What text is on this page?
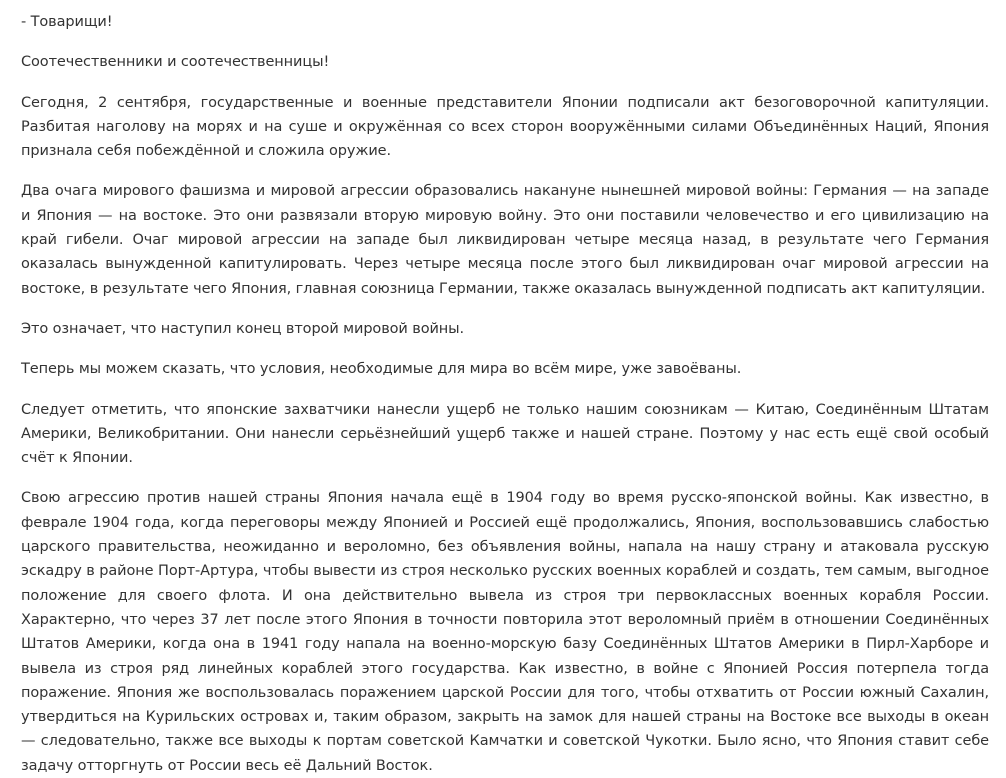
- Товарищи!

Соотечественники и соотечественницы!

Сегодня, 2 сентября, государственные и военные представители Японии подписали акт безоговорочной капитуляции. Разбитая наголову на морях и на суше и окружённая со всех сторон вооружёнными силами Объединённых Наций, Япония признала себя побеждённой и сложила оружие.

Два очага мирового фашизма и мировой агрессии образовались накануне нынешней мировой войны: Германия — на западе и Япония — на востоке. Это они развязали вторую мировую войну. Это они поставили человечество и его цивилизацию на край гибели. Очаг мировой агрессии на западе был ликвидирован четыре месяца назад, в результате чего Германия оказалась вынужденной капитулировать. Через четыре месяца после этого был ликвидирован очаг мировой агрессии на востоке, в результате чего Япония, главная союзница Германии, также оказалась вынужденной подписать акт капитуляции.

Это означает, что наступил конец второй мировой войны.

Теперь мы можем сказать, что условия, необходимые для мира во всём мире, уже завоёваны.

Следует отметить, что японские захватчики нанесли ущерб не только нашим союзникам — Китаю, Соединённым Штатам Америки, Великобритании. Они нанесли серьёзнейший ущерб также и нашей стране. Поэтому у нас есть ещё свой особый счёт к Японии.

Свою агрессию против нашей страны Япония начала ещё в 1904 году во время русско-японской войны. Как известно, в феврале 1904 года, когда переговоры между Японией и Россией ещё продолжались, Япония, воспользовавшись слабостью царского правительства, неожиданно и вероломно, без объявления войны, напала на нашу страну и атаковала русскую эскадру в районе Порт-Артура, чтобы вывести из строя несколько русских военных кораблей и создать, тем самым, выгодное положение для своего флота. И она действительно вывела из строя три первоклассных военных корабля России. Характерно, что через 37 лет после этого Япония в точности повторила этот вероломный приём в отношении Соединённых Штатов Америки, когда она в 1941 году напала на военно-морскую базу Соединённых Штатов Америки в Пирл-Харборе и вывела из строя ряд линейных кораблей этого государства. Как известно, в войне с Японией Россия потерпела тогда поражение. Япония же воспользовалась поражением царской России для того, чтобы отхватить от России южный Сахалин, утвердиться на Курильских островах и, таким образом, закрыть на замок для нашей страны на Востоке все выходы в океан — следовательно, также все выходы к портам советской Камчатки и советской Чукотки. Было ясно, что Япония ставит себе задачу отторгнуть от России весь её Дальний Восток.
